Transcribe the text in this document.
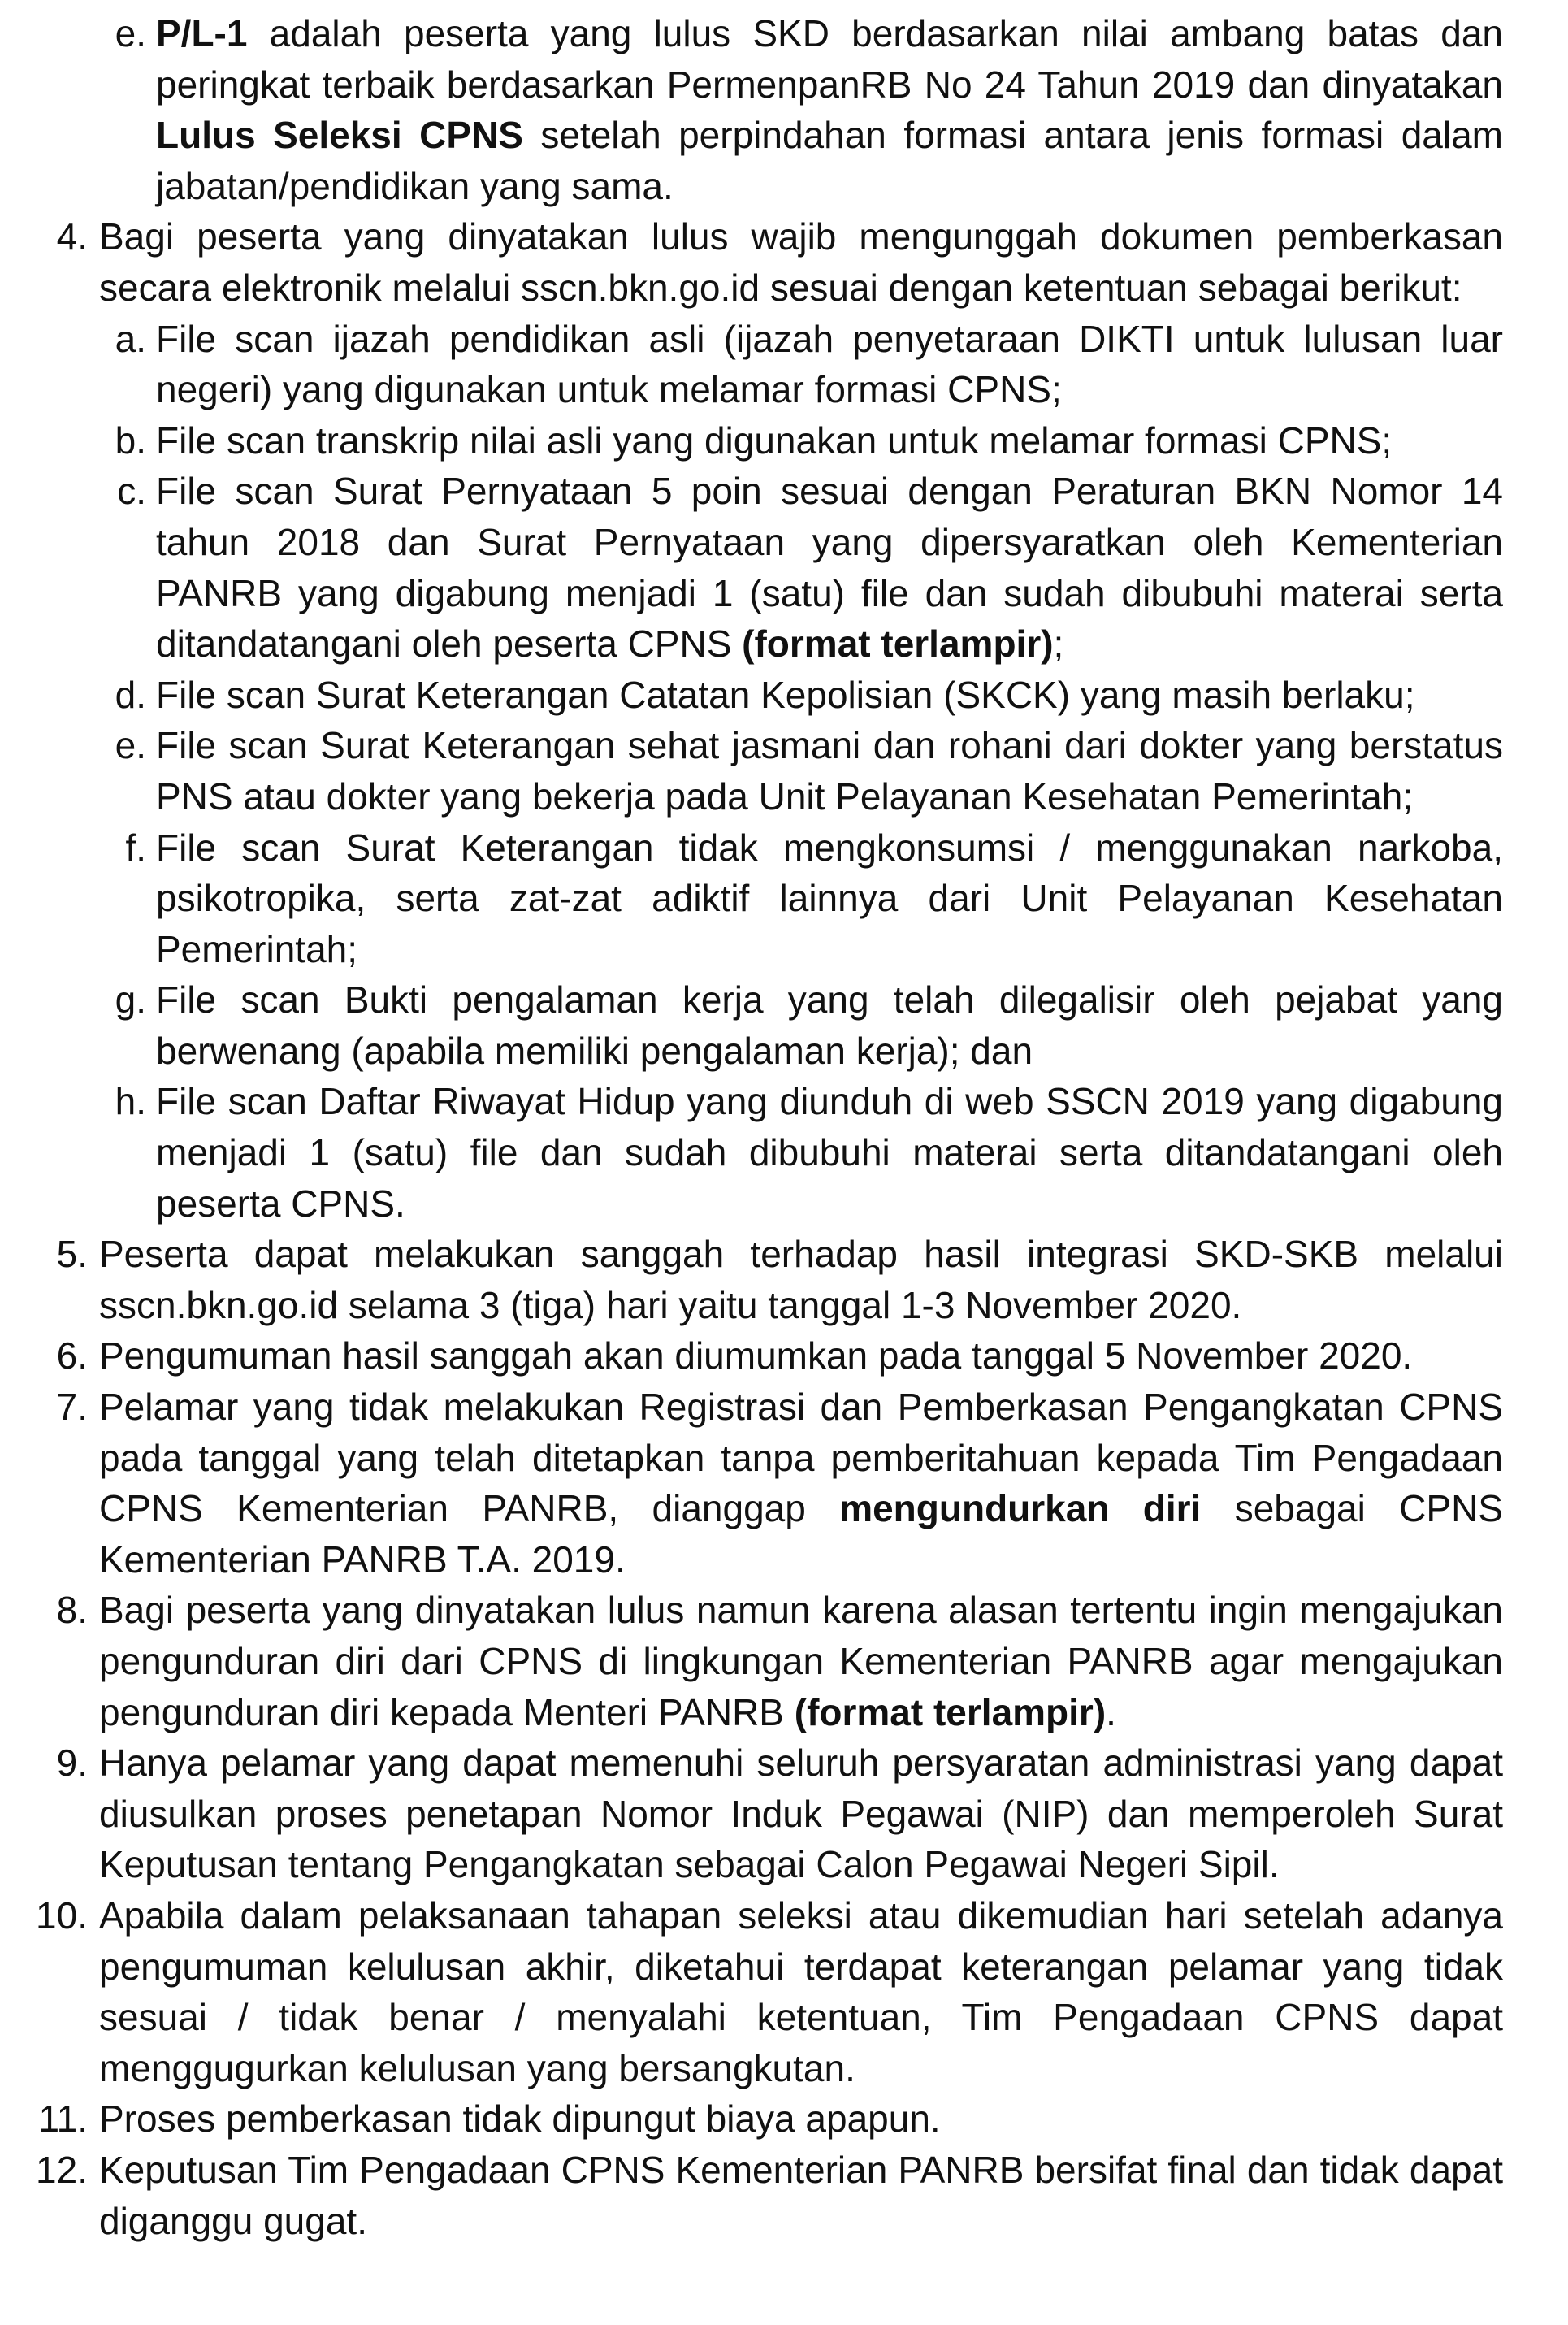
e. P/L-1 adalah peserta yang lulus SKD berdasarkan nilai ambang batas dan peringkat terbaik berdasarkan PermenpanRB No 24 Tahun 2019 dan dinyatakan Lulus Seleksi CPNS setelah perpindahan formasi antara jenis formasi dalam jabatan/pendidikan yang sama.
4. Bagi peserta yang dinyatakan lulus wajib mengunggah dokumen pemberkasan secara elektronik melalui sscn.bkn.go.id sesuai dengan ketentuan sebagai berikut:
a. File scan ijazah pendidikan asli (ijazah penyetaraan DIKTI untuk lulusan luar negeri) yang digunakan untuk melamar formasi CPNS;
b. File scan transkrip nilai asli yang digunakan untuk melamar formasi CPNS;
c. File scan Surat Pernyataan 5 poin sesuai dengan Peraturan BKN Nomor 14 tahun 2018 dan Surat Pernyataan yang dipersyaratkan oleh Kementerian PANRB yang digabung menjadi 1 (satu) file dan sudah dibubuhi materai serta ditandatangani oleh peserta CPNS (format terlampir);
d. File scan Surat Keterangan Catatan Kepolisian (SKCK) yang masih berlaku;
e. File scan Surat Keterangan sehat jasmani dan rohani dari dokter yang berstatus PNS atau dokter yang bekerja pada Unit Pelayanan Kesehatan Pemerintah;
f. File scan Surat Keterangan tidak mengkonsumsi / menggunakan narkoba, psikotropika, serta zat-zat adiktif lainnya dari Unit Pelayanan Kesehatan Pemerintah;
g. File scan Bukti pengalaman kerja yang telah dilegalisir oleh pejabat yang berwenang (apabila memiliki pengalaman kerja); dan
h. File scan Daftar Riwayat Hidup yang diunduh di web SSCN 2019 yang digabung menjadi 1 (satu) file dan sudah dibubuhi materai serta ditandatangani oleh peserta CPNS.
5. Peserta dapat melakukan sanggah terhadap hasil integrasi SKD-SKB melalui sscn.bkn.go.id selama 3 (tiga) hari yaitu tanggal 1-3 November 2020.
6. Pengumuman hasil sanggah akan diumumkan pada tanggal 5 November 2020.
7. Pelamar yang tidak melakukan Registrasi dan Pemberkasan Pengangkatan CPNS pada tanggal yang telah ditetapkan tanpa pemberitahuan kepada Tim Pengadaan CPNS Kementerian PANRB, dianggap mengundurkan diri sebagai CPNS Kementerian PANRB T.A. 2019.
8. Bagi peserta yang dinyatakan lulus namun karena alasan tertentu ingin mengajukan pengunduran diri dari CPNS di lingkungan Kementerian PANRB agar mengajukan pengunduran diri kepada Menteri PANRB (format terlampir).
9. Hanya pelamar yang dapat memenuhi seluruh persyaratan administrasi yang dapat diusulkan proses penetapan Nomor Induk Pegawai (NIP) dan memperoleh Surat Keputusan tentang Pengangkatan sebagai Calon Pegawai Negeri Sipil.
10. Apabila dalam pelaksanaan tahapan seleksi atau dikemudian hari setelah adanya pengumuman kelulusan akhir, diketahui terdapat keterangan pelamar yang tidak sesuai / tidak benar / menyalahi ketentuan, Tim Pengadaan CPNS dapat menggugurkan kelulusan yang bersangkutan.
11. Proses pemberkasan tidak dipungut biaya apapun.
12. Keputusan Tim Pengadaan CPNS Kementerian PANRB bersifat final dan tidak dapat diganggu gugat.
